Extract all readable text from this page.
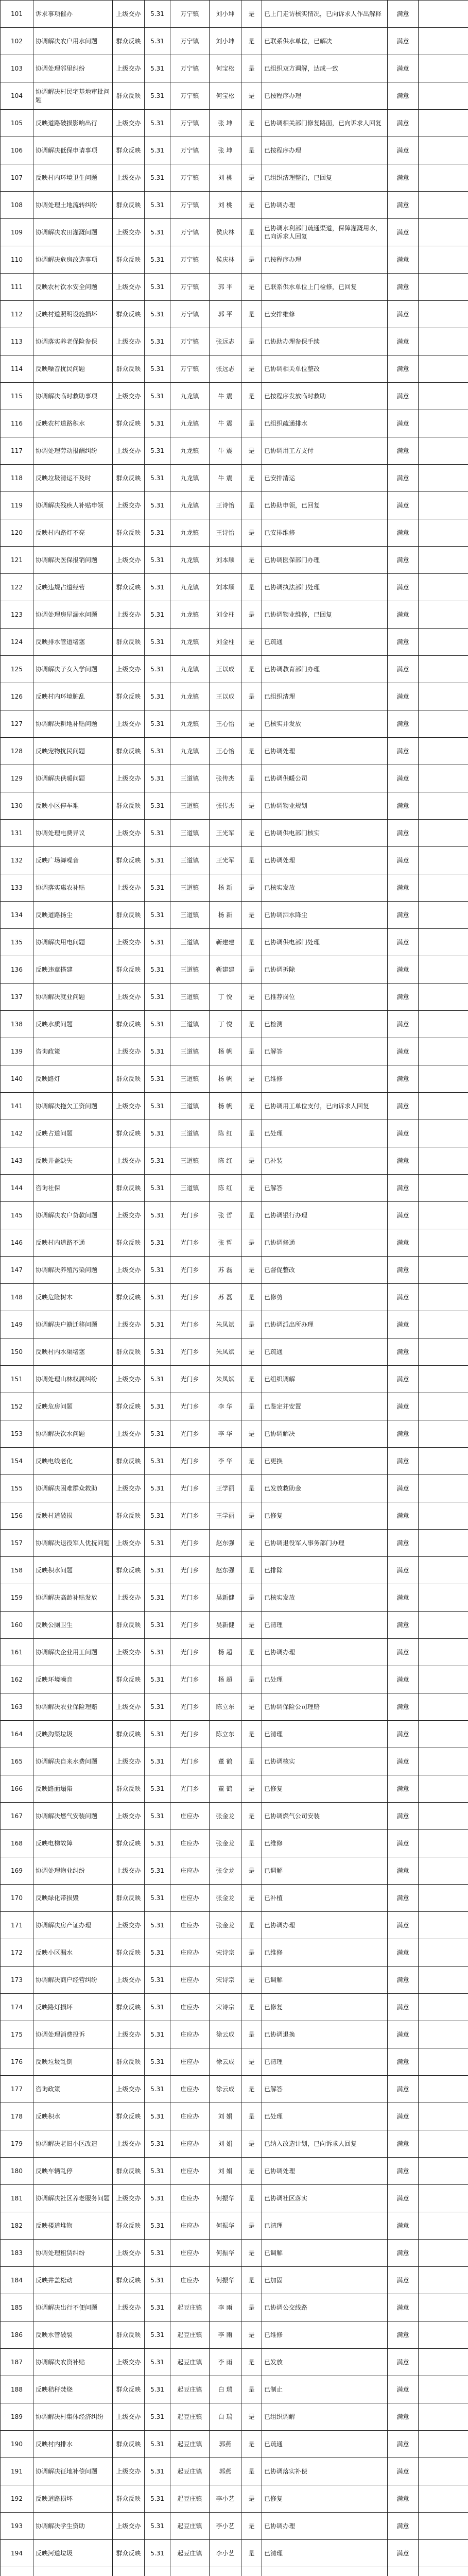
101	诉求事项催办	上级交办	5.31	万宁镇	刘小坤	是	已上门走访核实情况，已向诉求人作出解释	满意	
102	协调解决农户用水问题	群众反映	5.31	万宁镇	刘小坤	是	已联系供水单位，已解决	满意	
103	协调处理邻里纠纷	上级交办	5.31	万宁镇	何宝松	是	已组织双方调解，达成一致	满意	
104	协调解决村民宅基地审批问题	群众反映	5.31	万宁镇	何宝松	是	已按程序办理	满意	
105	反映道路破损影响出行	上级交办	5.31	万宁镇	张 坤	是	已协调相关部门修复路面，已向诉求人回复	满意	
106	协调解决低保申请事项	群众反映	5.31	万宁镇	张 坤	是	已按程序办理	满意	
107	反映村内环境卫生问题	上级交办	5.31	万宁镇	刘 桃	是	已组织清理整治，已回复	满意	
108	协调处理土地流转纠纷	群众反映	5.31	万宁镇	刘 桃	是	已协调办理	满意	
109	协调解决农田灌溉问题	上级交办	5.31	万宁镇	侯庆林	是	已协调水利部门疏通渠道，保障灌溉用水，已向诉求人回复	满意	
110	协调解决危房改造事项	群众反映	5.31	万宁镇	侯庆林	是	已按程序办理	满意	
111	反映农村饮水安全问题	上级交办	5.31	万宁镇	郭 平	是	已联系供水单位上门检修，已回复	满意	
112	反映村道照明设施损坏	群众反映	5.31	万宁镇	郭 平	是	已安排维修	满意	
113	协调落实养老保险参保	上级交办	5.31	万宁镇	张远志	是	已协助办理参保手续	满意	
114	反映噪音扰民问题	群众反映	5.31	万宁镇	张远志	是	已协调相关单位整改	满意	
115	协调解决临时救助事项	上级交办	5.31	九龙镇	牛 震	是	已按程序发放临时救助	满意	
116	反映农村道路积水	群众反映	5.31	九龙镇	牛 震	是	已组织疏通排水	满意	
117	协调处理劳动报酬纠纷	上级交办	5.31	九龙镇	牛 震	是	已协调用工方支付	满意	
118	反映垃圾清运不及时	群众反映	5.31	九龙镇	牛 震	是	已安排清运	满意	
119	协调解决残疾人补贴申领	上级交办	5.31	九龙镇	王诗怡	是	已协助申领，已回复	满意	
120	反映村内路灯不亮	群众反映	5.31	九龙镇	王诗怡	是	已安排维修	满意	
121	协调解决医保报销问题	上级交办	5.31	九龙镇	刘本顺	是	已协调医保部门办理	满意	
122	反映违规占道经营	群众反映	5.31	九龙镇	刘本顺	是	已协调执法部门处理	满意	
123	协调处理房屋漏水问题	上级交办	5.31	九龙镇	刘金柱	是	已协调物业维修，已回复	满意	
124	反映排水管道堵塞	群众反映	5.31	九龙镇	刘金柱	是	已疏通	满意	
125	协调解决子女入学问题	上级交办	5.31	九龙镇	王以成	是	已协调教育部门办理	满意	
126	反映村内环境脏乱	群众反映	5.31	九龙镇	王以成	是	已组织清理	满意	
127	协调解决耕地补贴问题	上级交办	5.31	九龙镇	王心怡	是	已核实并发放	满意	
128	反映宠物扰民问题	群众反映	5.31	九龙镇	王心怡	是	已协调处理	满意	
129	协调解决供暖问题	上级交办	5.31	三道镇	张传杰	是	已协调供暖公司	满意	
130	反映小区停车难	群众反映	5.31	三道镇	张传杰	是	已协调物业规划	满意	
131	协调处理电费异议	上级交办	5.31	三道镇	王光军	是	已协调供电部门核实	满意	
132	反映广场舞噪音	群众反映	5.31	三道镇	王光军	是	已协调处理	满意	
133	协调落实惠农补贴	上级交办	5.31	三道镇	杨 新	是	已核实发放	满意	
134	反映道路扬尘	群众反映	5.31	三道镇	杨 新	是	已协调洒水降尘	满意	
135	协调解决用电问题	上级交办	5.31	三道镇	靳建建	是	已协调供电部门处理	满意	
136	反映违章搭建	群众反映	5.31	三道镇	靳建建	是	已协调拆除	满意	
137	协调解决就业问题	上级交办	5.31	三道镇	丁 悦	是	已推荐岗位	满意	
138	反映水质问题	群众反映	5.31	三道镇	丁 悦	是	已检测	满意	
139	咨询政策	上级交办	5.31	三道镇	杨 帆	是	已解答	满意	
140	反映路灯	群众反映	5.31	三道镇	杨 帆	是	已维修	满意	
141	协调解决拖欠工资问题	上级交办	5.31	三道镇	杨 帆	是	已协调用工单位支付，已向诉求人回复	满意	
142	反映占道问题	群众反映	5.31	三道镇	陈 红	是	已处理	满意	
143	反映井盖缺失	上级交办	5.31	三道镇	陈 红	是	已补装	满意	
144	咨询社保	群众反映	5.31	三道镇	陈 红	是	已解答	满意	
145	协调解决农户贷款问题	上级交办	5.31	光门乡	张 哲	是	已协调银行办理	满意	
146	反映村内道路不通	群众反映	5.31	光门乡	张 哲	是	已协调修通	满意	
147	协调解决养殖污染问题	上级交办	5.31	光门乡	苏 磊	是	已督促整改	满意	
148	反映危险树木	群众反映	5.31	光门乡	苏 磊	是	已修剪	满意	
149	协调解决户籍迁移问题	上级交办	5.31	光门乡	朱凤斌	是	已协调派出所办理	满意	
150	反映村内水渠堵塞	群众反映	5.31	光门乡	朱凤斌	是	已疏通	满意	
151	协调处理山林权属纠纷	上级交办	5.31	光门乡	朱凤斌	是	已组织调解	满意	
152	反映危房问题	群众反映	5.31	光门乡	李 华	是	已鉴定并安置	满意	
153	协调解决饮水问题	上级交办	5.31	光门乡	李 华	是	已协调解决	满意	
154	反映电线老化	群众反映	5.31	光门乡	李 华	是	已更换	满意	
155	协调解决困难群众救助	上级交办	5.31	光门乡	王学丽	是	已发放救助金	满意	
156	反映村道破损	群众反映	5.31	光门乡	王学丽	是	已修复	满意	
157	协调解决退役军人优抚问题	上级交办	5.31	光门乡	赵东强	是	已协调退役军人事务部门办理	满意	
158	反映积水问题	群众反映	5.31	光门乡	赵东强	是	已排除	满意	
159	协调解决高龄补贴发放	上级交办	5.31	光门乡	吴新健	是	已核实发放	满意	
160	反映公厕卫生	群众反映	5.31	光门乡	吴新健	是	已清理	满意	
161	协调解决企业用工问题	上级交办	5.31	光门乡	杨 超	是	已协调办理	满意	
162	反映环境噪音	群众反映	5.31	光门乡	杨 超	是	已处理	满意	
163	协调解决农业保险理赔	上级交办	5.31	光门乡	陈立东	是	已协调保险公司理赔	满意	
164	反映沟渠垃圾	群众反映	5.31	光门乡	陈立东	是	已清理	满意	
165	协调解决自来水费问题	上级交办	5.31	光门乡	董 鹤	是	已协调核实	满意	
166	反映路面塌陷	群众反映	5.31	光门乡	董 鹤	是	已修复	满意	
167	协调解决燃气安装问题	上级交办	5.31	庄应办	张金龙	是	已协调燃气公司安装	满意	
168	反映电梯故障	群众反映	5.31	庄应办	张金龙	是	已维修	满意	
169	协调处理物业纠纷	上级交办	5.31	庄应办	张金龙	是	已调解	满意	
170	反映绿化带损毁	群众反映	5.31	庄应办	张金龙	是	已补植	满意	
171	协调解决房产证办理	上级交办	5.31	庄应办	张金龙	是	已协调办理	满意	
172	反映小区漏水	群众反映	5.31	庄应办	宋诗宗	是	已维修	满意	
173	协调解决商户经营纠纷	上级交办	5.31	庄应办	宋诗宗	是	已调解	满意	
174	反映路灯损坏	群众反映	5.31	庄应办	宋诗宗	是	已修复	满意	
175	协调处理消费投诉	上级交办	5.31	庄应办	徐云成	是	已协调退换	满意	
176	反映垃圾乱倒	群众反映	5.31	庄应办	徐云成	是	已清理	满意	
177	咨询政策	上级交办	5.31	庄应办	徐云成	是	已解答	满意	
178	反映积水	群众反映	5.31	庄应办	刘 娟	是	已处理	满意	
179	协调解决老旧小区改造	上级交办	5.31	庄应办	刘 娟	是	已纳入改造计划，已向诉求人回复	满意	
180	反映车辆乱停	群众反映	5.31	庄应办	刘 娟	是	已协调处理	满意	
181	协调解决社区养老服务问题	上级交办	5.31	庄应办	何振华	是	已协调社区落实	满意	
182	反映楼道堆物	群众反映	5.31	庄应办	何振华	是	已清理	满意	
183	协调处理租赁纠纷	上级交办	5.31	庄应办	何振华	是	已调解	满意	
184	反映井盖松动	群众反映	5.31	庄应办	何振华	是	已加固	满意	
185	协调解决出行不便问题	上级交办	5.31	起豆庄镇	李 雨	是	已协调公交线路	满意	
186	反映水管破裂	群众反映	5.31	起豆庄镇	李 雨	是	已维修	满意	
187	协调解决农资补贴	上级交办	5.31	起豆庄镇	李 雨	是	已发放	满意	
188	反映秸秆焚烧	群众反映	5.31	起豆庄镇	白 瑞	是	已制止	满意	
189	协调解决村集体经济纠纷	上级交办	5.31	起豆庄镇	白 瑞	是	已组织调解	满意	
190	反映村内排水	群众反映	5.31	起豆庄镇	郭燕	是	已疏通	满意	
191	协调解决征地补偿问题	上级交办	5.31	起豆庄镇	郭燕	是	已协调落实补偿	满意	
192	反映道路损坏	群众反映	5.31	起豆庄镇	李小艺	是	已修复	满意	
193	协调解决学生资助	上级交办	5.31	起豆庄镇	李小艺	是	已协调办理	满意	
194	反映河道垃圾	群众反映	5.31	起豆庄镇	李小艺	是	已清理	满意	
